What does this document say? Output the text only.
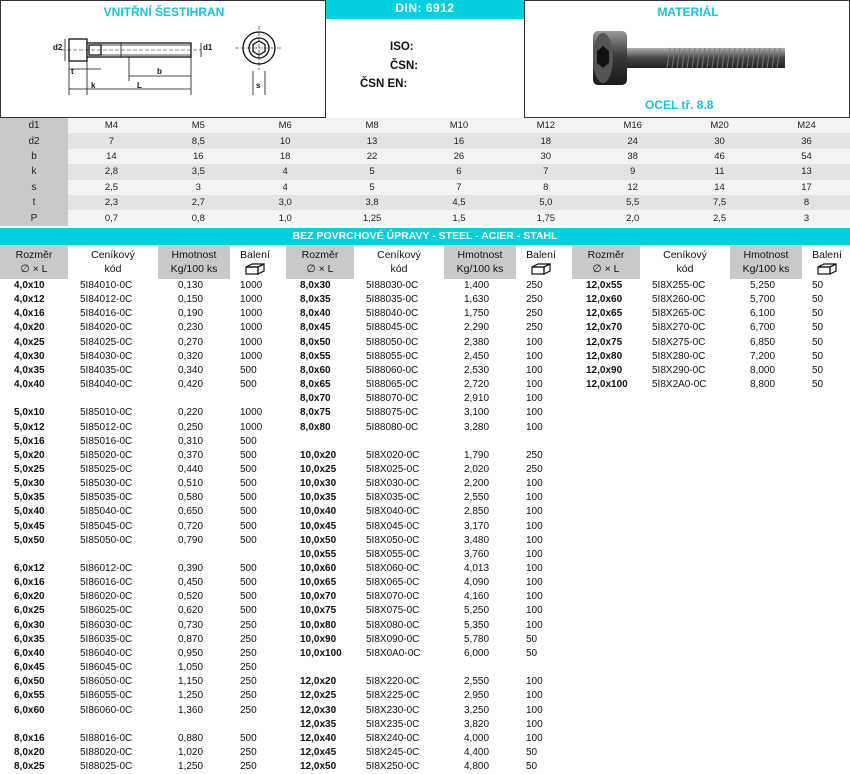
VNITŘNÍ ŠESTIHRAN
d2
t
k
b
L
d1
s
DIN: 6912
ISO:
ČSN:
ČSN EN:
MATERIÁL
OCEL tř. 8.8
d1	M4	M5	M6	M8	M10	M12	M16	M20	M24
d2	7	8,5	10	13	16	18	24	30	36
b	14	16	18	22	26	30	38	46	54
k	2,8	3,5	4	5	6	7	9	11	13
s	2,5	3	4	5	7	8	12	14	17
t	2,3	2,7	3,0	3,8	4,5	5,0	5,5	7,5	8
P	0,7	0,8	1,0	1,25	1,5	1,75	2,0	2,5	3
BEZ POVRCHOVÉ ÚPRAVY - STEEL - ACIER - STAHL
Rozměr
∅ × L
Ceníkový
kód
Hmotnost
Kg/100 ks
Balení	Rozměr
∅ × L
Ceníkový
kód
Hmotnost
Kg/100 ks
Balení	Rozměr
∅ × L
Ceníkový
kód
Hmotnost
Kg/100 ks
Balení
4,0x10	5I84010-0C	0,130	1000
4,0x12	5I84012-0C	0,150	1000
4,0x16	5I84016-0C	0,190	1000
4,0x20	5I84020-0C	0,230	1000
4,0x25	5I84025-0C	0,270	1000
4,0x30	5I84030-0C	0,320	1000
4,0x35	5I84035-0C	0,340	500
4,0x40	5I84040-0C	0,420	500
5,0x10	5I85010-0C	0,220	1000
5,0x12	5I85012-0C	0,250	1000
5,0x16	5I85016-0C	0,310	500
5,0x20	5I85020-0C	0,370	500
5,0x25	5I85025-0C	0,440	500
5,0x30	5I85030-0C	0,510	500
5,0x35	5I85035-0C	0,580	500
5,0x40	5I85040-0C	0,650	500
5,0x45	5I85045-0C	0,720	500
5,0x50	5I85050-0C	0,790	500
6,0x12	5I86012-0C	0,390	500
6,0x16	5I86016-0C	0,450	500
6,0x20	5I86020-0C	0,520	500
6,0x25	5I86025-0C	0,620	500
6,0x30	5I86030-0C	0,730	250
6,0x35	5I86035-0C	0,870	250
6,0x40	5I86040-0C	0,950	250
6,0x45	5I86045-0C	1,050	250
6,0x50	5I86050-0C	1,150	250
6,0x55	5I86055-0C	1,250	250
6,0x60	5I86060-0C	1,360	250
8,0x16	5I88016-0C	0,880	500
8,0x20	5I88020-0C	1,020	250
8,0x25	5I88025-0C	1,250	250
8,0x30	5I88030-0C	1,400	250
8,0x35	5I88035-0C	1,630	250
8,0x40	5I88040-0C	1,750	250
8,0x45	5I88045-0C	2,290	250
8,0x50	5I88050-0C	2,380	100
8,0x55	5I88055-0C	2,450	100
8,0x60	5I88060-0C	2,530	100
8,0x65	5I88065-0C	2,720	100
8,0x70	5I88070-0C	2,910	100
8,0x75	5I88075-0C	3,100	100
8,0x80	5I88080-0C	3,280	100
10,0x20	5I8X020-0C	1,790	250
10,0x25	5I8X025-0C	2,020	250
10,0x30	5I8X030-0C	2,200	100
10,0x35	5I8X035-0C	2,550	100
10,0x40	5I8X040-0C	2,850	100
10,0x45	5I8X045-0C	3,170	100
10,0x50	5I8X050-0C	3,480	100
10,0x55	5I8X055-0C	3,760	100
10,0x60	5I8X060-0C	4,013	100
10,0x65	5I8X065-0C	4,090	100
10,0x70	5I8X070-0C	4,160	100
10,0x75	5I8X075-0C	5,250	100
10,0x80	5I8X080-0C	5,350	100
10,0x90	5I8X090-0C	5,780	50
10,0x100 5I8X0A0-0C	6,000	50
12,0x20	5I8X220-0C	2,550	100
12,0x25	5I8X225-0C	2,950	100
12,0x30	5I8X230-0C	3,250	100
12,0x35	5I8X235-0C	3,820	100
12,0x40	5I8X240-0C	4,000	100
12,0x45	5I8X245-0C	4,400	50
12,0x50	5I8X250-0C	4,800	50
12,0x55	5I8X255-0C	5,250	50
12,0x60	5I8X260-0C	5,700	50
12,0x65	5I8X265-0C	6,100	50
12,0x70	5I8X270-0C	6,700	50
12,0x75	5I8X275-0C	6,850	50
12,0x80	5I8X280-0C	7,200	50
12,0x90	5I8X290-0C	8,000	50
12,0x100 5I8X2A0-0C	8,800	50
